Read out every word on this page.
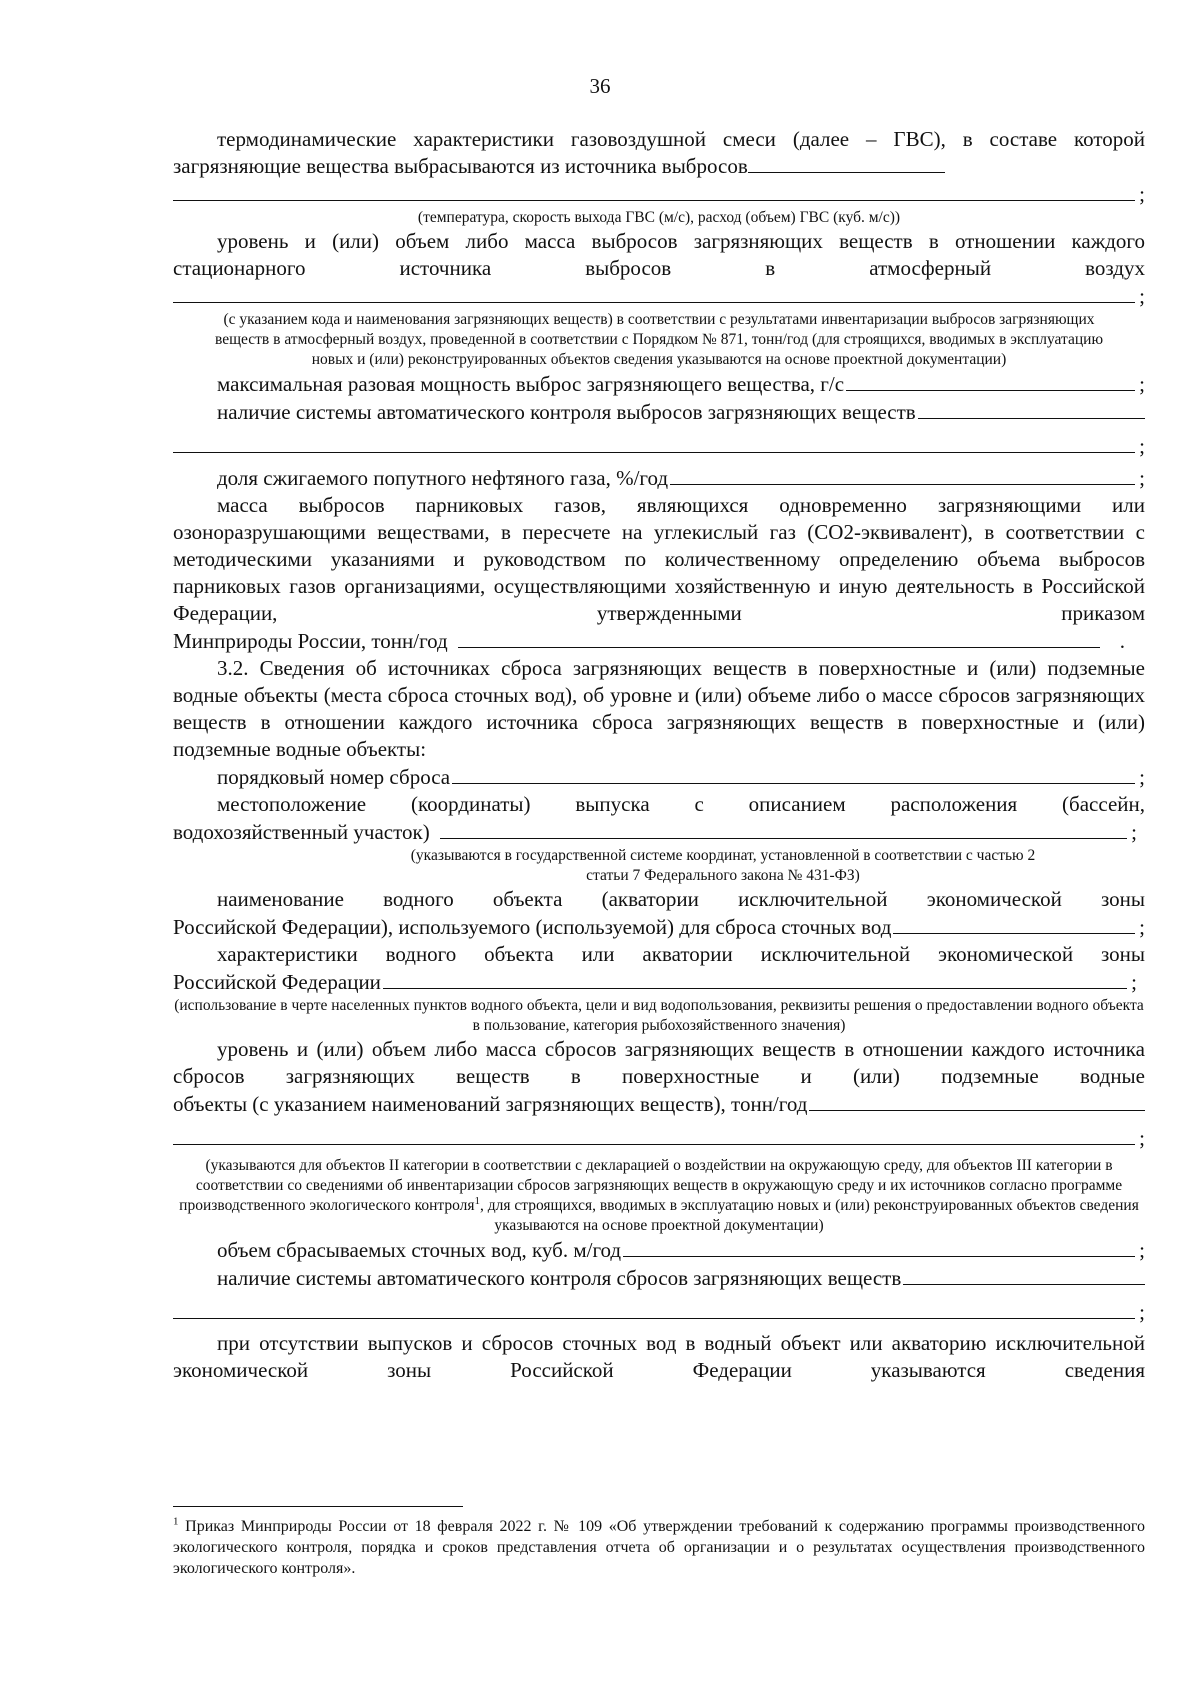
36

термодинамические характеристики газовоздушной смеси (далее – ГВС), в составе которой загрязняющие вещества выбрасываются из источника выбросов

;

(температура, скорость выхода ГВС (м/с), расход (объем) ГВС (куб. м/с))

уровень и (или) объем либо масса выбросов загрязняющих веществ в отношении каждого

стационарного источника выбросов в атмосферный воздух

;

(с указанием кода и наименования загрязняющих веществ) в соответствии с результатами инвентаризации выбросов загрязняющих веществ в атмосферный воздух, проведенной в соответствии с Порядком № 871, тонн/год (для строящихся, вводимых в эксплуатацию новых и (или) реконструированных объектов сведения указываются на основе проектной документации)

максимальная разовая мощность выброс загрязняющего вещества, г/с	;
наличие системы автоматического контроля выбросов загрязняющих веществ
;
доля сжигаемого попутного нефтяного газа, %/год	;

масса выбросов парниковых газов, являющихся одновременно загрязняющими или озоноразрушающими веществами, в пересчете на углекислый газ (СО2-эквивалент), в соответствии с методическими указаниями и руководством по количественному определению объема выбросов парниковых газов организациями, осуществляющими хозяйственную и иную деятельность в Российской Федерации, утвержденными приказом

Минприроды России, тонн/год	.

3.2. Сведения об источниках сброса загрязняющих веществ в поверхностные и (или) подземные водные объекты (места сброса сточных вод), об уровне и (или) объеме либо о массе сбросов загрязняющих веществ в отношении каждого источника сброса загрязняющих веществ в поверхностные и (или) подземные водные объекты:

порядковый номер сброса	;

местоположение (координаты) выпуска с описанием расположения (бассейн,

водохозяйственный участок)	;

(указываются в государственной системе координат, установленной в соответствии с частью 2 статьи 7 Федерального закона № 431-ФЗ)

наименование водного объекта (акватории исключительной экономической зоны

Российской Федерации), используемого (используемой) для сброса сточных вод	;

характеристики водного объекта или акватории исключительной экономической зоны

Российской Федерации	;

(использование в черте населенных пунктов водного объекта, цели и вид водопользования, реквизиты решения о предоставлении водного объекта в пользование, категория рыбохозяйственного значения)

уровень и (или) объем либо масса сбросов загрязняющих веществ в отношении каждого источника сбросов загрязняющих веществ в поверхностные и (или) подземные водные

объекты (с указанием наименований загрязняющих веществ), тонн/год
;

(указываются для объектов II категории в соответствии с декларацией о воздействии на окружающую среду, для объектов III категории в соответствии со сведениями об инвентаризации сбросов загрязняющих веществ в окружающую среду и их источников согласно программе производственного экологического контроля$^1$, для строящихся, вводимых в эксплуатацию новых и (или) реконструированных объектов сведения указываются на основе проектной документации)

объем сбрасываемых сточных вод, куб. м/год	;
наличие системы автоматического контроля сбросов загрязняющих веществ
;

при отсутствии выпусков и сбросов сточных вод в водный объект или акваторию исключительной экономической зоны Российской Федерации указываются сведения

$^1$ Приказ Минприроды России от 18 февраля 2022 г. № 109 «Об утверждении требований к содержанию программы производственного экологического контроля, порядка и сроков представления отчета об организации и о результатах осуществления производственного экологического контроля».
